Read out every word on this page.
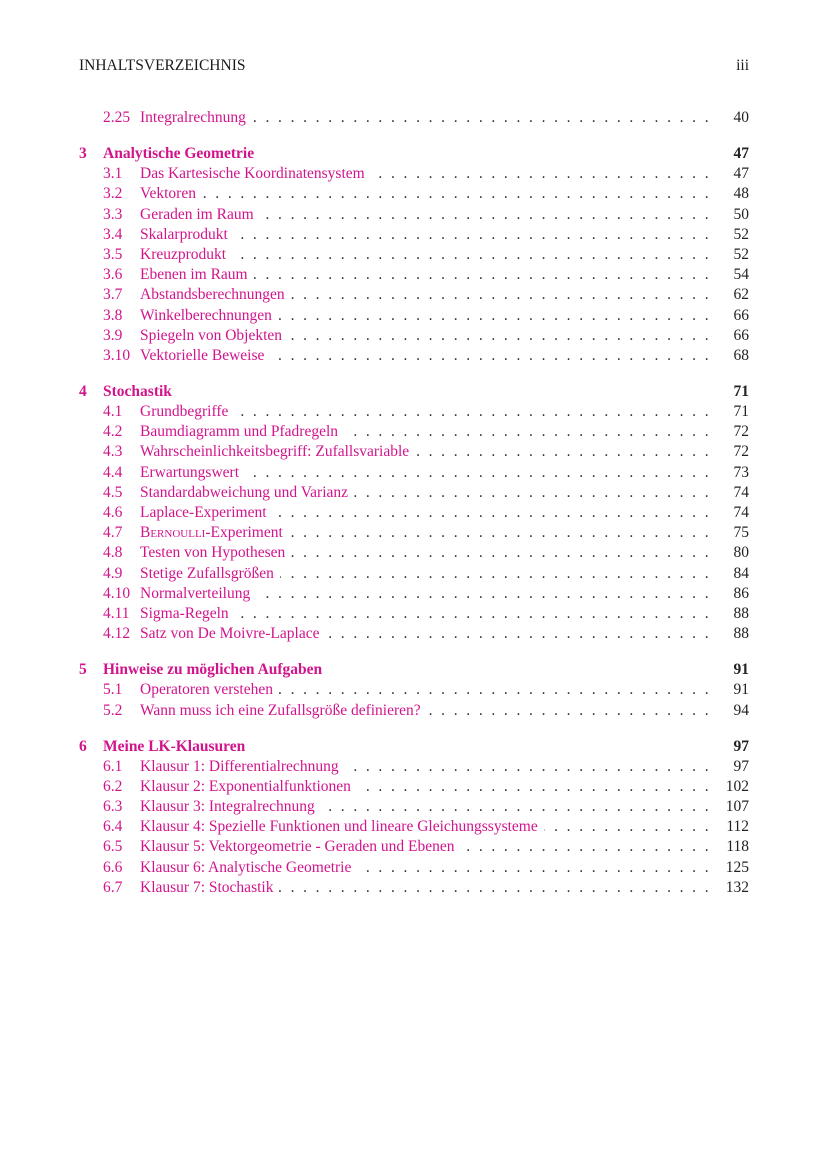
INHALTSVERZEICHNIS	iii
2.25 Integralrechnung . . .	40
3 Analytische Geometrie	47
3.1 Das Kartesische Koordinatensystem . . .	47
3.2 Vektoren . . .	48
3.3 Geraden im Raum . . .	50
3.4 Skalarprodukt . . .	52
3.5 Kreuzprodukt . . .	52
3.6 Ebenen im Raum . . .	54
3.7 Abstandsberechnungen . . .	62
3.8 Winkelberechnungen . . .	66
3.9 Spiegeln von Objekten . . .	66
3.10 Vektorielle Beweise . . .	68
4 Stochastik	71
4.1 Grundbegriffe . . .	71
4.2 Baumdiagramm und Pfadregeln . . .	72
4.3 Wahrscheinlichkeitsbegriff: Zufallsvariable . . .	72
4.4 Erwartungswert . . .	73
4.5 Standardabweichung und Varianz . . .	74
4.6 Laplace-Experiment . . .	74
4.7 Bernoulli-Experiment . . .	75
4.8 Testen von Hypothesen . . .	80
4.9 Stetige Zufallsgrößen . . .	84
4.10 Normalverteilung . . .	86
4.11 Sigma-Regeln . . .	88
4.12 Satz von De Moivre-Laplace . . .	88
5 Hinweise zu möglichen Aufgaben	91
5.1 Operatoren verstehen . . .	91
5.2 Wann muss ich eine Zufallsgröße definieren? . . .	94
6 Meine LK-Klausuren	97
6.1 Klausur 1: Differentialrechnung . . .	97
6.2 Klausur 2: Exponentialfunktionen . . .	102
6.3 Klausur 3: Integralrechnung . . .	107
6.4 Klausur 4: Spezielle Funktionen und lineare Gleichungssysteme . . .	112
6.5 Klausur 5: Vektorgeometrie - Geraden und Ebenen . . .	118
6.6 Klausur 6: Analytische Geometrie . . .	125
6.7 Klausur 7: Stochastik . . .	132
